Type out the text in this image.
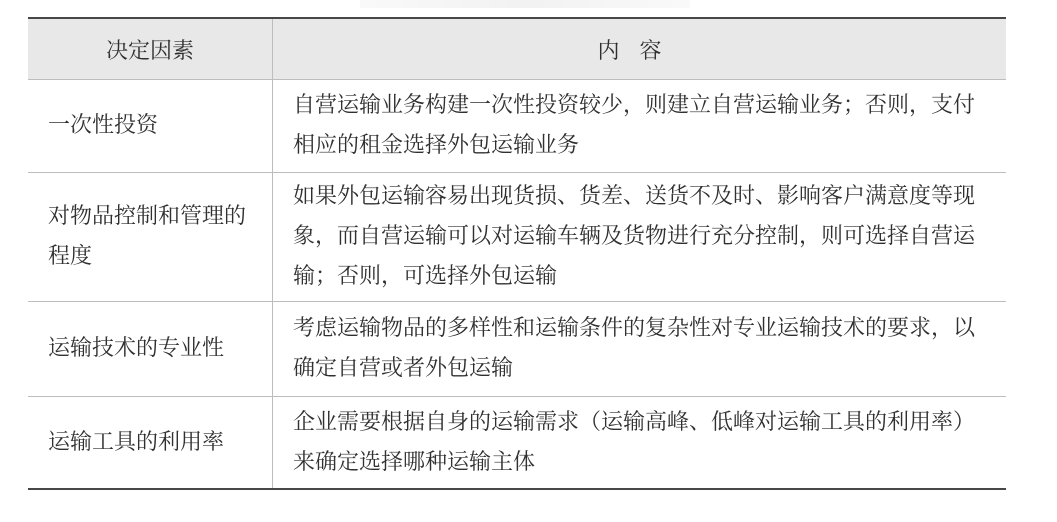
决定因素	内容
一次性投资	自营运输业务构建一次性投资较少，则建立自营运输业务；否则，支付相应的租金选择外包运输业务
对物品控制和管理的程度	如果外包运输容易出现货损、货差、送货不及时、影响客户满意度等现象，而自营运输可以对运输车辆及货物进行充分控制，则可选择自营运输；否则，可选择外包运输
运输技术的专业性	考虑运输物品的多样性和运输条件的复杂性对专业运输技术的要求，以确定自营或者外包运输
运输工具的利用率	企业需要根据自身的运输需求（运输高峰、低峰对运输工具的利用率）来确定选择哪种运输主体
